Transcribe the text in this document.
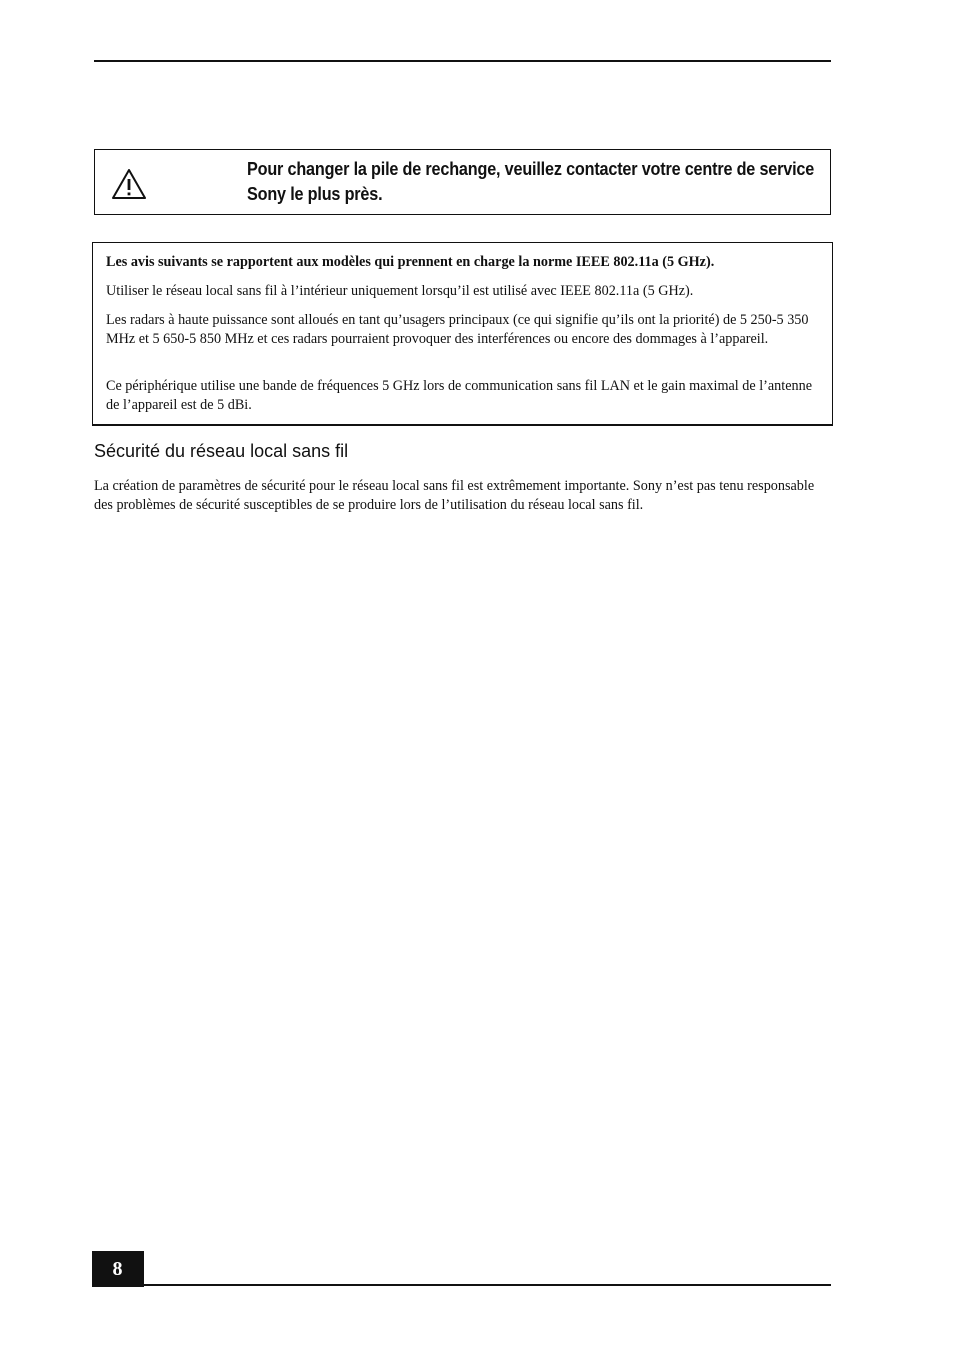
Pour changer la pile de rechange, veuillez contacter votre centre de service Sony le plus près.

Les avis suivants se rapportent aux modèles qui prennent en charge la norme IEEE 802.11a (5 GHz).

Utiliser le réseau local sans fil à l’intérieur uniquement lorsqu’il est utilisé avec IEEE 802.11a (5 GHz).

Les radars à haute puissance sont alloués en tant qu’usagers principaux (ce qui signifie qu’ils ont la priorité) de 5 250-5 350 MHz et 5 650-5 850 MHz et ces radars pourraient provoquer des interférences ou encore des dommages à l’appareil.

Ce périphérique utilise une bande de fréquences 5 GHz lors de communication sans fil LAN et le gain maximal de l’antenne de l’appareil est de 5 dBi.

Sécurité du réseau local sans fil

La création de paramètres de sécurité pour le réseau local sans fil est extrêmement importante. Sony n’est pas tenu responsable des problèmes de sécurité susceptibles de se produire lors de l’utilisation du réseau local sans fil.

8
